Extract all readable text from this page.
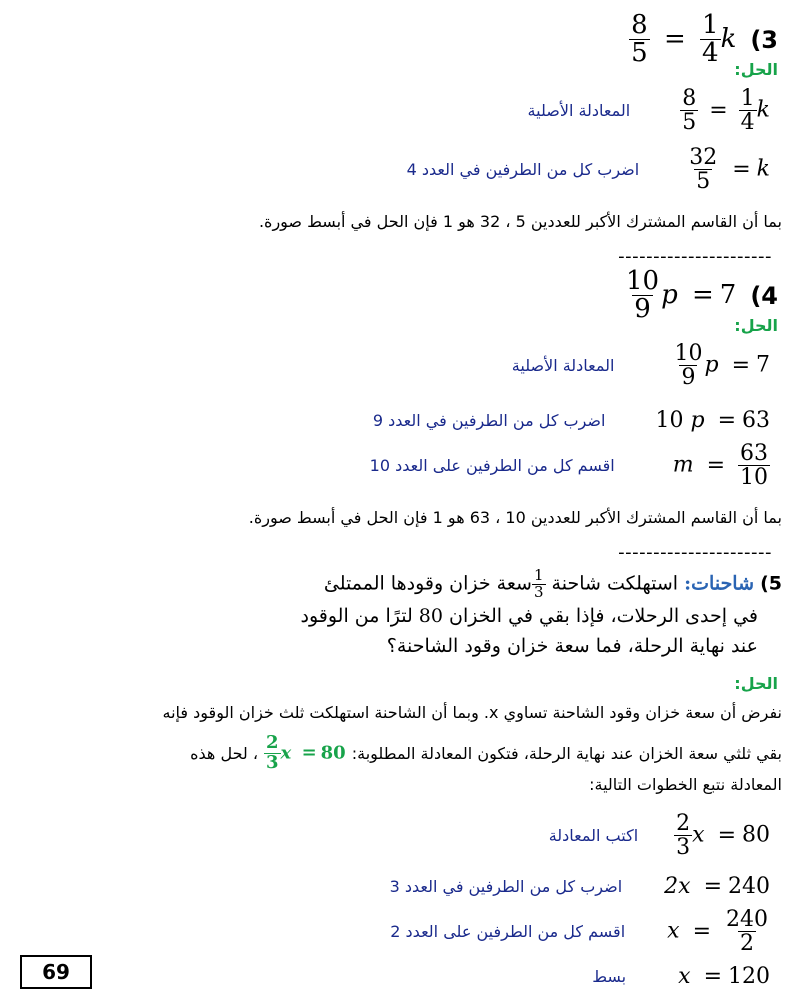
$\frac{8}{5} = \frac{1}{4}$ k (3
الحل:
المعادلة الأصلية $\frac{8}{5} = \frac{1}{4}$ k
اضرب كل من الطرفين في العدد $4 \frac{32}{5} = k$
بما أن القاسم المشترك الأكبر للعددين 5 ، 32 هو 1 فإن الحل في أبسط صورة.
----------------------
$\frac{10}{9}$ p = 7 (4
الحل:
المعادلة الأصلية	$\frac{10}{9}$ p = 7
اضرب كل من الطرفين في العدد 9 10 p = 63
اقسم كل من الطرفين على العدد 10	$m = \frac{63}{10}$
بما أن القاسم المشترك الأكبر للعددين 10 ، 63 هو 1 فإن الحل في أبسط صورة.
----------------------
5) شاحنات: استهلكت شاحنة
$\frac{1}{3}$
سعة خزان وقودها الممتلئ
في إحدى الرحلات، فإذا بقي في الخزان 80 لترًا من الوقود
عند نهاية الرحلة، فما سعة خزان وقود الشاحنة؟
الحل:
نفرض أن سعة خزان وقود الشاحنة تساوي x. وبما أن الشاحنة استهلكت ثلث خزان الوقود فإنه
بقي ثلثي سعة الخزان عند نهاية الرحلة، فتكون المعادلة المطلوبة:
$\frac{2}{3}$ x = 80
، لحل هذه
المعادلة نتبع الخطوات التالية:
اكتب المعادلة $\frac{2}{3}$ x = 80
اضرب كل من الطرفين في العدد 3 2x = 240
اقسم كل من الطرفين على العدد 2 $x = \frac{240}{2}$
بسط x = 120
69
